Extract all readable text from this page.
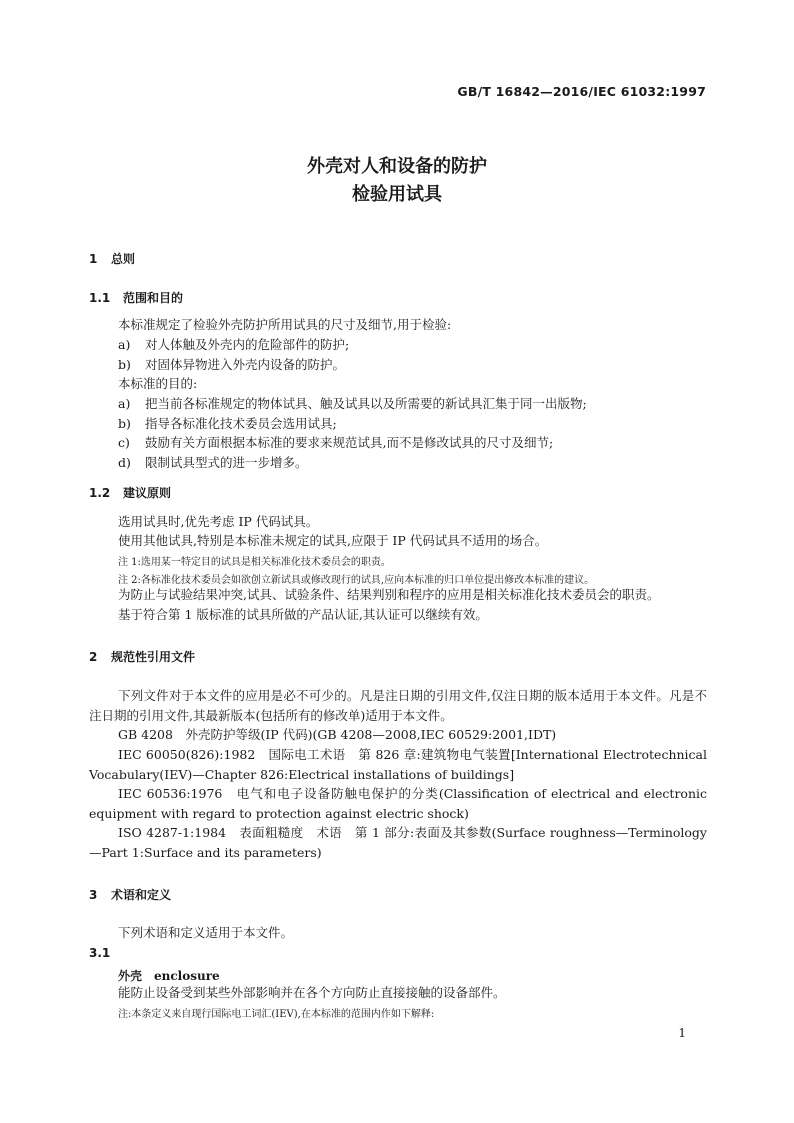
GB/T 16842—2016/IEC 61032:1997
外壳对人和设备的防护
检验用试具
1 总则
1.1 范围和目的
本标准规定了检验外壳防护所用试具的尺寸及细节,用于检验:
a) 对人体触及外壳内的危险部件的防护;
b) 对固体异物进入外壳内设备的防护。
本标准的目的:
a) 把当前各标准规定的物体试具、触及试具以及所需要的新试具汇集于同一出版物;
b) 指导各标准化技术委员会选用试具;
c) 鼓励有关方面根据本标准的要求来规范试具,而不是修改试具的尺寸及细节;
d) 限制试具型式的进一步增多。
1.2 建议原则
选用试具时,优先考虑 IP 代码试具。
使用其他试具,特别是本标准未规定的试具,应限于 IP 代码试具不适用的场合。
注 1:选用某一特定目的试具是相关标准化技术委员会的职责。
注 2:各标准化技术委员会如欲创立新试具或修改现行的试具,应向本标准的归口单位提出修改本标准的建议。
为防止与试验结果冲突,试具、试验条件、结果判别和程序的应用是相关标准化技术委员会的职责。
基于符合第 1 版标准的试具所做的产品认证,其认证可以继续有效。
2 规范性引用文件
下列文件对于本文件的应用是必不可少的。凡是注日期的引用文件,仅注日期的版本适用于本文件。凡是不注日期的引用文件,其最新版本(包括所有的修改单)适用于本文件。
GB 4208　外壳防护等级(IP 代码)(GB 4208—2008,IEC 60529:2001,IDT)
IEC 60050(826):1982　国际电工术语　第 826 章:建筑物电气装置[International Electrotechnical Vocabulary(IEV)—Chapter 826:Electrical installations of buildings]
IEC 60536:1976　电气和电子设备防触电保护的分类(Classification of electrical and electronic equipment with regard to protection against electric shock)
ISO 4287-1:1984　表面粗糙度　术语　第 1 部分:表面及其参数(Surface roughness—Terminology—Part 1:Surface and its parameters)
3 术语和定义
下列术语和定义适用于本文件。
3.1
外壳 enclosure
能防止设备受到某些外部影响并在各个方向防止直接接触的设备部件。
注:本条定义来自现行国际电工词汇(IEV),在本标准的范围内作如下解释:
1
